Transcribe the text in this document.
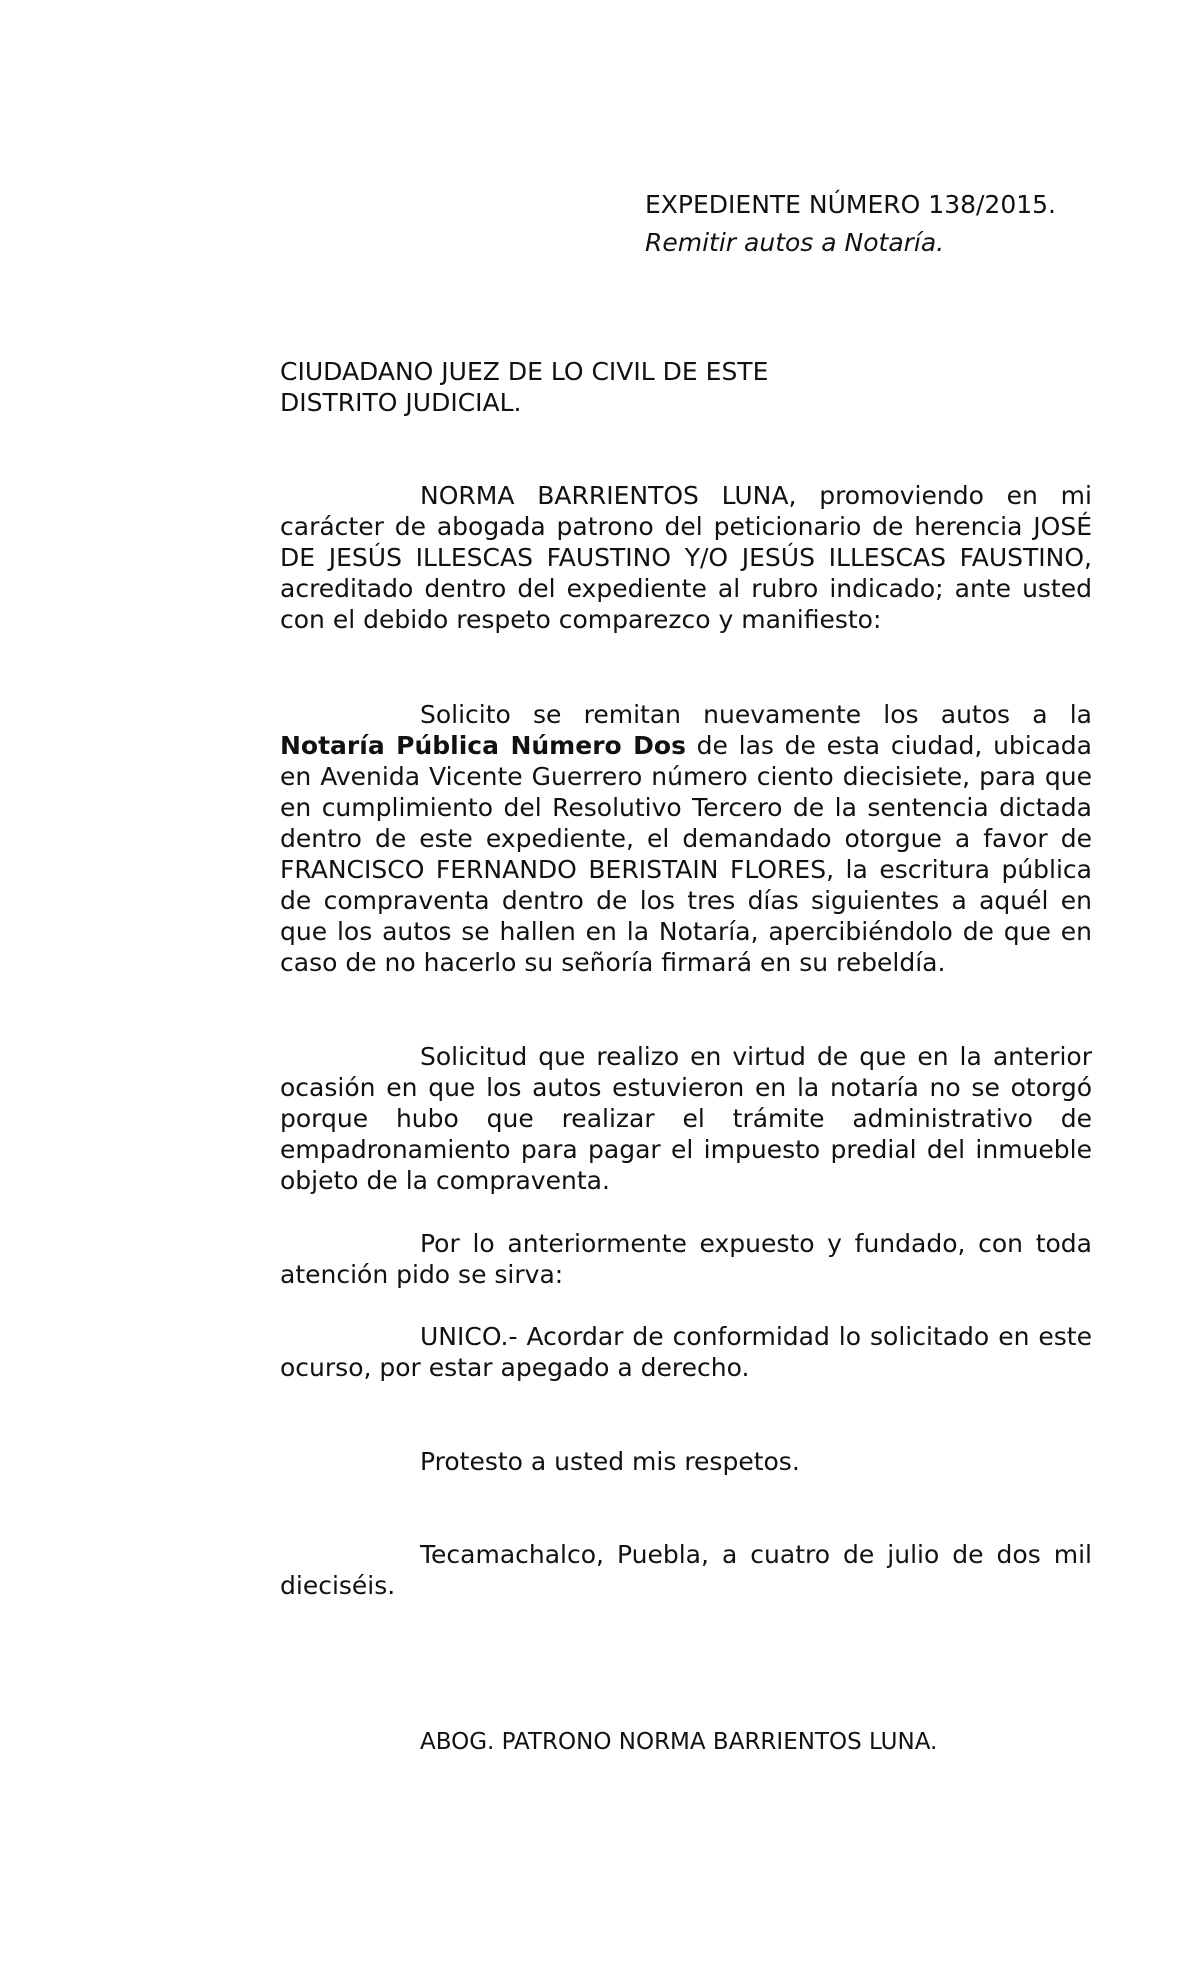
EXPEDIENTE NÚMERO 138/2015.
Remitir autos a Notaría.
CIUDADANO JUEZ DE LO CIVIL DE ESTE
DISTRITO JUDICIAL.

NORMA BARRIENTOS LUNA, promoviendo en mi carácter de abogada patrono del peticionario de herencia JOSÉ DE JESÚS ILLESCAS FAUSTINO Y/O JESÚS ILLESCAS FAUSTINO, acreditado dentro del expediente al rubro indicado; ante usted con el debido respeto comparezco y manifiesto:

Solicito se remitan nuevamente los autos a la Notaría Pública Número Dos de las de esta ciudad, ubicada en Avenida Vicente Guerrero número ciento diecisiete, para que en cumplimiento del Resolutivo Tercero de la sentencia dictada dentro de este expediente, el demandado otorgue a favor de FRANCISCO FERNANDO BERISTAIN FLORES, la escritura pública de compraventa dentro de los tres días siguientes a aquél en que los autos se hallen en la Notaría, apercibiéndolo de que en caso de no hacerlo su señoría firmará en su rebeldía.

Solicitud que realizo en virtud de que en la anterior ocasión en que los autos estuvieron en la notaría no se otorgó porque hubo que realizar el trámite administrativo de empadronamiento para pagar el impuesto predial del inmueble objeto de la compraventa.

Por lo anteriormente expuesto y fundado, con toda atención pido se sirva:

UNICO.- Acordar de conformidad lo solicitado en este ocurso, por estar apegado a derecho.

Protesto a usted mis respetos.

Tecamachalco, Puebla, a cuatro de julio de dos mil dieciséis.

ABOG. PATRONO NORMA BARRIENTOS LUNA.
